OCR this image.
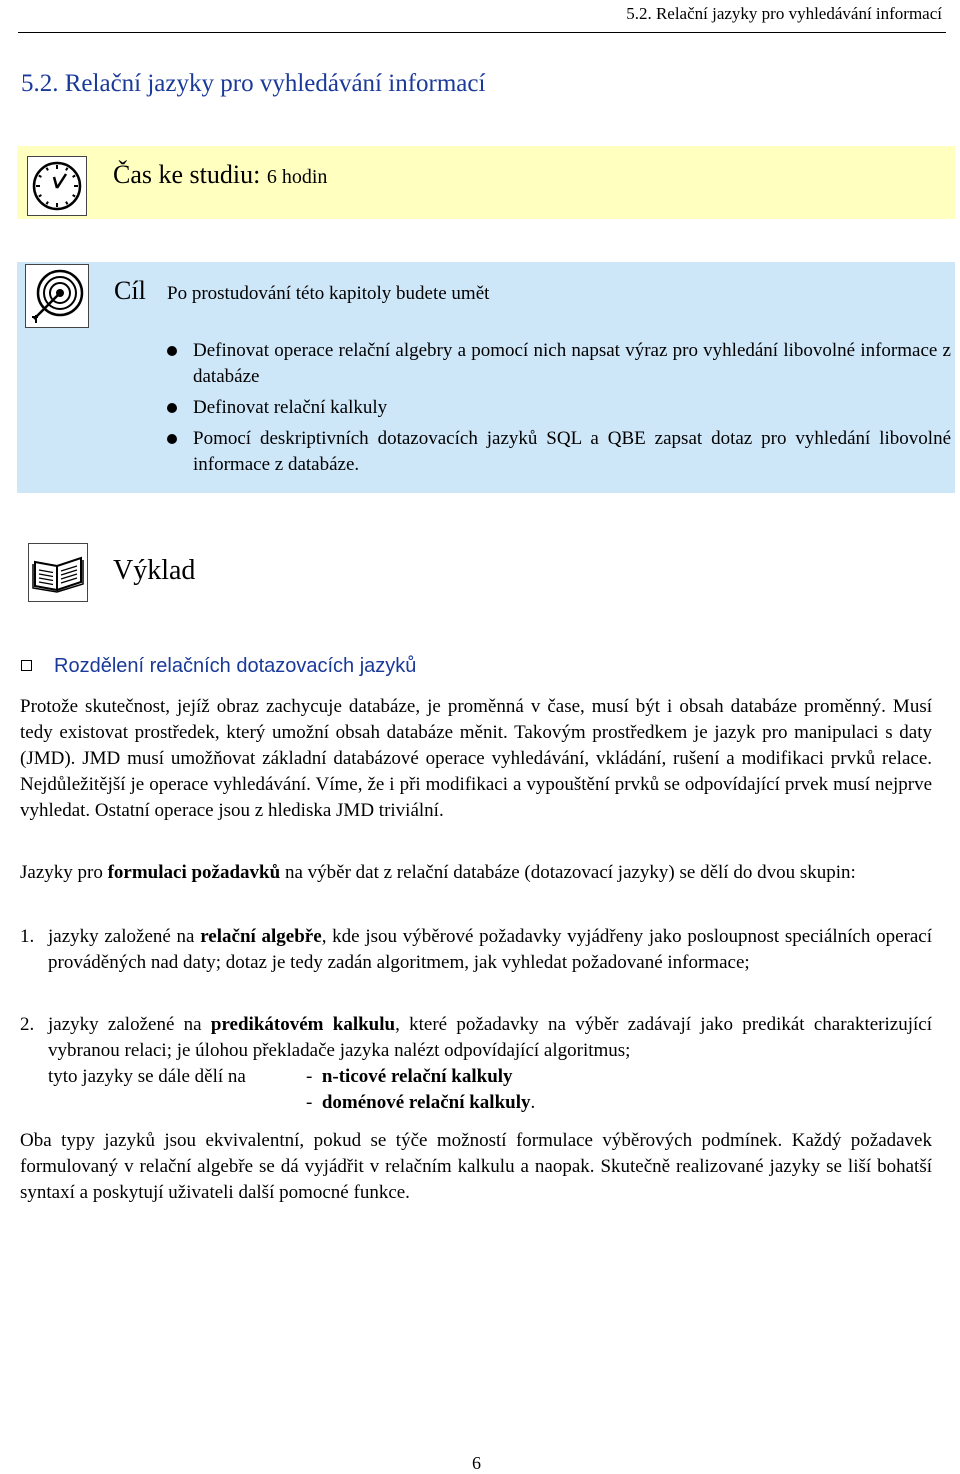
5.2. Relační jazyky pro vyhledávání informací
5.2. Relační jazyky pro vyhledávání informací
Čas ke studiu: 6 hodin
Cíl Po prostudování této kapitoly budete umět
Definovat operace relační algebry a pomocí nich napsat výraz pro vyhledání libovolné informace z databáze
Definovat relační kalkuly
Pomocí deskriptivních dotazovacích jazyků SQL a QBE zapsat dotaz pro vyhledání libovolné informace z databáze.
Výklad
Rozdělení relačních dotazovacích jazyků
Protože skutečnost, jejíž obraz zachycuje databáze, je proměnná v čase, musí být i obsah databáze proměnný. Musí tedy existovat prostředek, který umožní obsah databáze měnit. Takovým prostředkem je jazyk pro manipulaci s daty (JMD). JMD musí umožňovat základní databázové operace vyhledávání, vkládání, rušení a modifikaci prvků relace. Nejdůležitější je operace vyhledávání. Víme, že i při modifikaci a vypouštění prvků se odpovídající prvek musí nejprve vyhledat. Ostatní operace jsou z hlediska JMD triviální.
Jazyky pro formulaci požadavků na výběr dat z relační databáze (dotazovací jazyky) se dělí do dvou skupin:
1. jazyky založené na relační algebře, kde jsou výběrové požadavky vyjádřeny jako posloupnost speciálních operací prováděných nad daty; dotaz je tedy zadán algoritmem, jak vyhledat požadované informace;
2. jazyky založené na predikátovém kalkulu, které požadavky na výběr zadávají jako predikát charakterizující vybranou relaci; je úlohou překladače jazyka nalézt odpovídající algoritmus;
tyto jazyky se dále dělí na	- n-ticové relační kalkuly
- doménové relační kalkuly.
Oba typy jazyků jsou ekvivalentní, pokud se týče možností formulace výběrových podmínek. Každý požadavek formulovaný v relační algebře se dá vyjádřit v relačním kalkulu a naopak. Skutečně realizované jazyky se liší bohatší syntaxí a poskytují uživateli další pomocné funkce.
6
